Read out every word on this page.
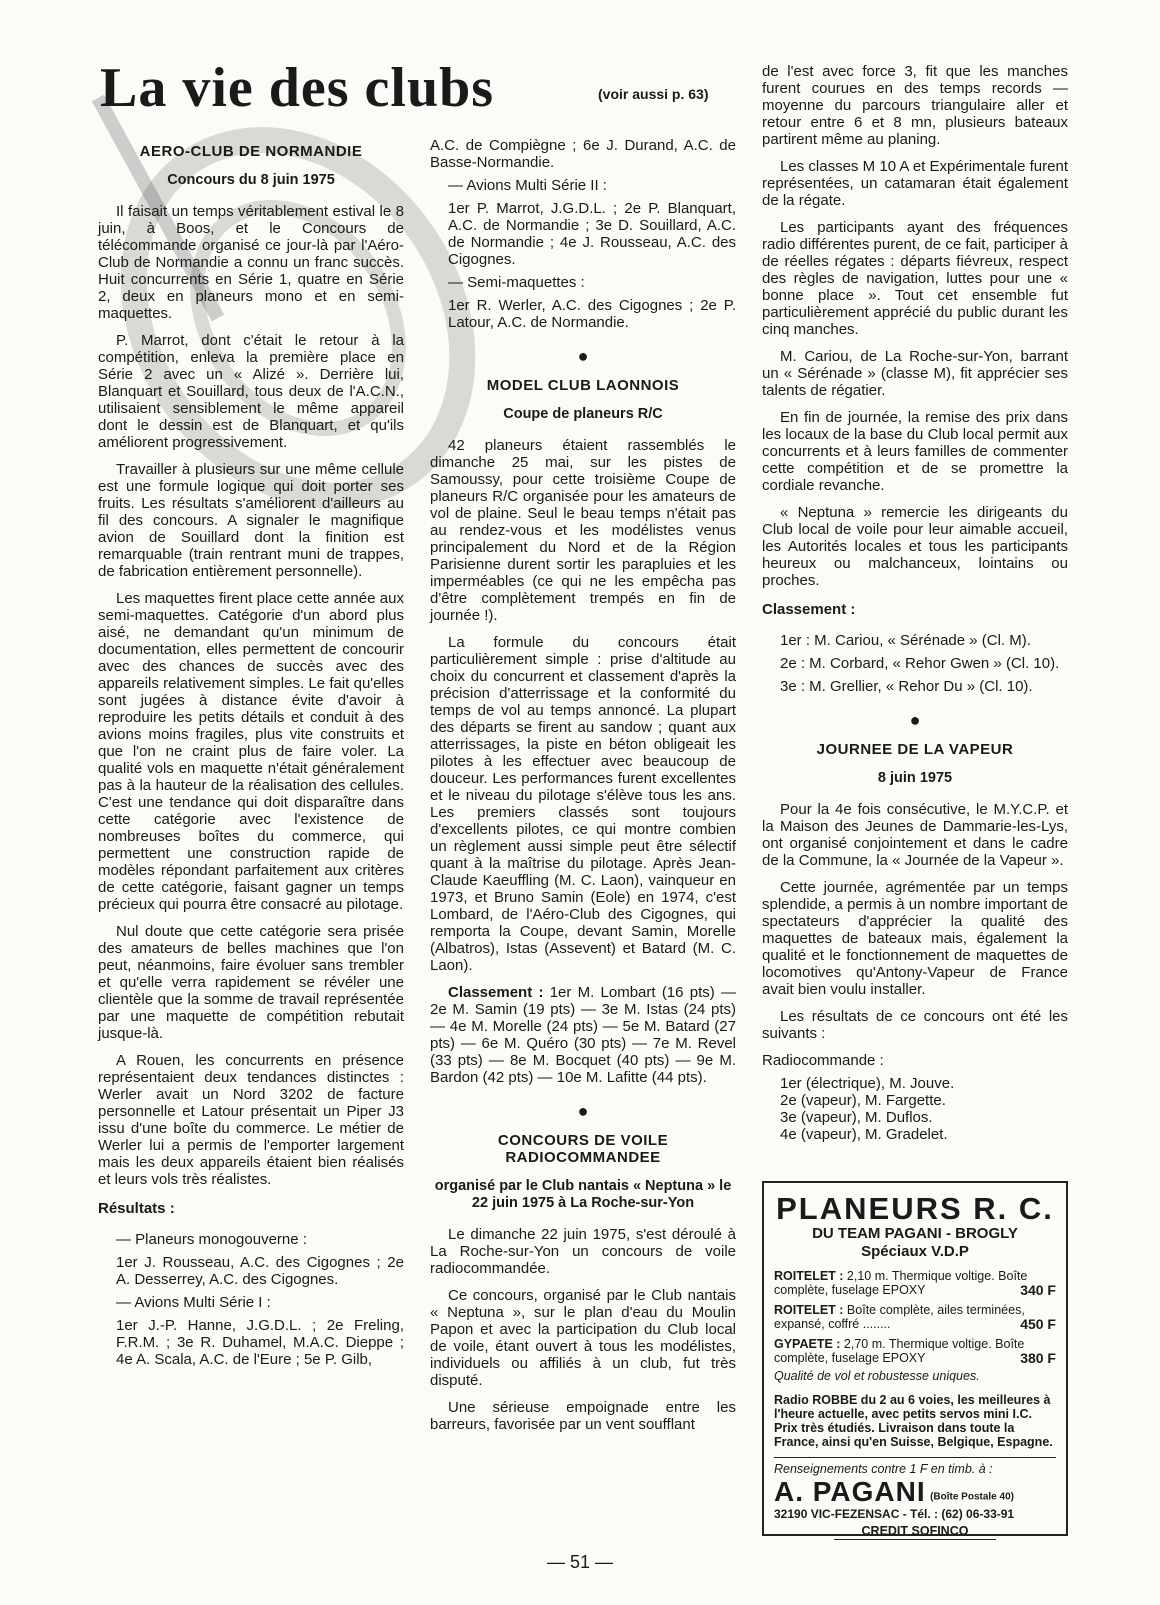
La vie des clubs	(voir aussi p. 63)
AERO-CLUB DE NORMANDIE
Concours du 8 juin 1975

Il faisait un temps véritablement estival le 8 juin, à Boos, et le Concours de télécommande organisé ce jour-là par l'Aéro-Club de Normandie a connu un franc succès. Huit concurrents en Série 1, quatre en Série 2, deux en planeurs mono et en semi-maquettes.

P. Marrot, dont c'était le retour à la compétition, enleva la première place en Série 2 avec un « Alizé ». Derrière lui, Blanquart et Souillard, tous deux de l'A.C.N., utilisaient sensiblement le même appareil dont le dessin est de Blanquart, et qu'ils améliorent progressivement.

Travailler à plusieurs sur une même cellule est une formule logique qui doit porter ses fruits. Les résultats s'améliorent d'ailleurs au fil des concours. A signaler le magnifique avion de Souillard dont la finition est remarquable (train rentrant muni de trappes, de fabrication entièrement personnelle).

Les maquettes firent place cette année aux semi-maquettes. Catégorie d'un abord plus aisé, ne demandant qu'un minimum de documentation, elles permettent de concourir avec des chances de succès avec des appareils relativement simples. Le fait qu'elles sont jugées à distance évite d'avoir à reproduire les petits détails et conduit à des avions moins fragiles, plus vite construits et que l'on ne craint plus de faire voler. La qualité vols en maquette n'était généralement pas à la hauteur de la réalisation des cellules. C'est une tendance qui doit disparaître dans cette catégorie avec l'existence de nombreuses boîtes du commerce, qui permettent une construction rapide de modèles répondant parfaitement aux critères de cette catégorie, faisant gagner un temps précieux qui pourra être consacré au pilotage.

Nul doute que cette catégorie sera prisée des amateurs de belles machines que l'on peut, néanmoins, faire évoluer sans trembler et qu'elle verra rapidement se révéler une clientèle que la somme de travail représentée par une maquette de compétition rebutait jusque-là.

A Rouen, les concurrents en présence représentaient deux tendances distinctes : Werler avait un Nord 3202 de facture personnelle et Latour présentait un Piper J3 issu d'une boîte du commerce. Le métier de Werler lui a permis de l'emporter largement mais les deux appareils étaient bien réalisés et leurs vols très réalistes.

Résultats :

— Planeurs monogouverne :

1er J. Rousseau, A.C. des Cigognes ; 2e A. Desserrey, A.C. des Cigognes.

— Avions Multi Série I :

1er J.-P. Hanne, J.G.D.L. ; 2e Freling, F.R.M. ; 3e R. Duhamel, M.A.C. Dieppe ; 4e A. Scala, A.C. de l'Eure ; 5e P. Gilb,

A.C. de Compiègne ; 6e J. Durand, A.C. de Basse-Normandie.

— Avions Multi Série II :

1er P. Marrot, J.G.D.L. ; 2e P. Blanquart, A.C. de Normandie ; 3e D. Souillard, A.C. de Normandie ; 4e J. Rousseau, A.C. des Cigognes.

— Semi-maquettes :

1er R. Werler, A.C. des Cigognes ; 2e P. Latour, A.C. de Normandie.

●
MODEL CLUB LAONNOIS
Coupe de planeurs R/C

42 planeurs étaient rassemblés le dimanche 25 mai, sur les pistes de Samoussy, pour cette troisième Coupe de planeurs R/C organisée pour les amateurs de vol de plaine. Seul le beau temps n'était pas au rendez-vous et les modélistes venus principalement du Nord et de la Région Parisienne durent sortir les parapluies et les imperméables (ce qui ne les empêcha pas d'être complètement trempés en fin de journée !).

La formule du concours était particulièrement simple : prise d'altitude au choix du concurrent et classement d'après la précision d'atterrissage et la conformité du temps de vol au temps annoncé. La plupart des départs se firent au sandow ; quant aux atterrissages, la piste en béton obligeait les pilotes à les effectuer avec beaucoup de douceur. Les performances furent excellentes et le niveau du pilotage s'élève tous les ans. Les premiers classés sont toujours d'excellents pilotes, ce qui montre combien un règlement aussi simple peut être sélectif quant à la maîtrise du pilotage. Après Jean-Claude Kaeuffling (M. C. Laon), vainqueur en 1973, et Bruno Samin (Eole) en 1974, c'est Lombard, de l'Aéro-Club des Cigognes, qui remporta la Coupe, devant Samin, Morelle (Albatros), Istas (Assevent) et Batard (M. C. Laon).

Classement : 1er M. Lombart (16 pts) — 2e M. Samin (19 pts) — 3e M. Istas (24 pts) — 4e M. Morelle (24 pts) — 5e M. Batard (27 pts) — 6e M. Quéro (30 pts) — 7e M. Revel (33 pts) — 8e M. Bocquet (40 pts) — 9e M. Bardon (42 pts) — 10e M. Lafitte (44 pts).

●
CONCOURS DE VOILE RADIOCOMMANDEE
organisé par le Club nantais « Neptuna » le 22 juin 1975 à La Roche-sur-Yon

Le dimanche 22 juin 1975, s'est déroulé à La Roche-sur-Yon un concours de voile radiocommandée.

Ce concours, organisé par le Club nantais « Neptuna », sur le plan d'eau du Moulin Papon et avec la participation du Club local de voile, étant ouvert à tous les modélistes, individuels ou affiliés à un club, fut très disputé.

Une sérieuse empoignade entre les barreurs, favorisée par un vent soufflant

de l'est avec force 3, fit que les manches furent courues en des temps records — moyenne du parcours triangulaire aller et retour entre 6 et 8 mn, plusieurs bateaux partirent même au planing.

Les classes M 10 A et Expérimentale furent représentées, un catamaran était également de la régate.

Les participants ayant des fréquences radio différentes purent, de ce fait, participer à de réelles régates : départs fiévreux, respect des règles de navigation, luttes pour une « bonne place ». Tout cet ensemble fut particulièrement apprécié du public durant les cinq manches.

M. Cariou, de La Roche-sur-Yon, barrant un « Sérénade » (classe M), fit apprécier ses talents de régatier.

En fin de journée, la remise des prix dans les locaux de la base du Club local permit aux concurrents et à leurs familles de commenter cette compétition et de se promettre la cordiale revanche.

« Neptuna » remercie les dirigeants du Club local de voile pour leur aimable accueil, les Autorités locales et tous les participants heureux ou malchanceux, lointains ou proches.

Classement :

1er : M. Cariou, « Sérénade » (Cl. M).

2e : M. Corbard, « Rehor Gwen » (Cl. 10).

3e : M. Grellier, « Rehor Du » (Cl. 10).

●
JOURNEE DE LA VAPEUR
8 juin 1975

Pour la 4e fois consécutive, le M.Y.C.P. et la Maison des Jeunes de Dammarie-les-Lys, ont organisé conjointement et dans le cadre de la Commune, la « Journée de la Vapeur ».

Cette journée, agrémentée par un temps splendide, a permis à un nombre important de spectateurs d'apprécier la qualité des maquettes de bateaux mais, également la qualité et le fonctionnement de maquettes de locomotives qu'Antony-Vapeur de France avait bien voulu installer.

Les résultats de ce concours ont été les suivants :

Radiocommande :

1er (électrique), M. Jouve.

2e (vapeur), M. Fargette.

3e (vapeur), M. Duflos.

4e (vapeur), M. Gradelet.

PLANEURS R. C.
DU TEAM PAGANI - BROGLY
Spéciaux V.D.P
ROITELET : 2,10 m. Thermique voltige. Boîte complète, fuselage EPOXY	340 F
ROITELET : Boîte complète, ailes terminées, expansé, coffré ........	450 F
GYPAETE : 2,70 m. Thermique voltige. Boîte complète, fuselage EPOXY	380 F
Qualité de vol et robustesse uniques.
Radio ROBBE du 2 au 6 voies, les meilleures à l'heure actuelle, avec petits servos mini I.C. Prix très étudiés. Livraison dans toute la France, ainsi qu'en Suisse, Belgique, Espagne.
Renseignements contre 1 F en timb. à :
A. PAGANI (Boîte Postale 40)
32190 VIC-FEZENSAC - Tél. : (62) 06-33-91
CREDIT SOFINCO
— 51 —
